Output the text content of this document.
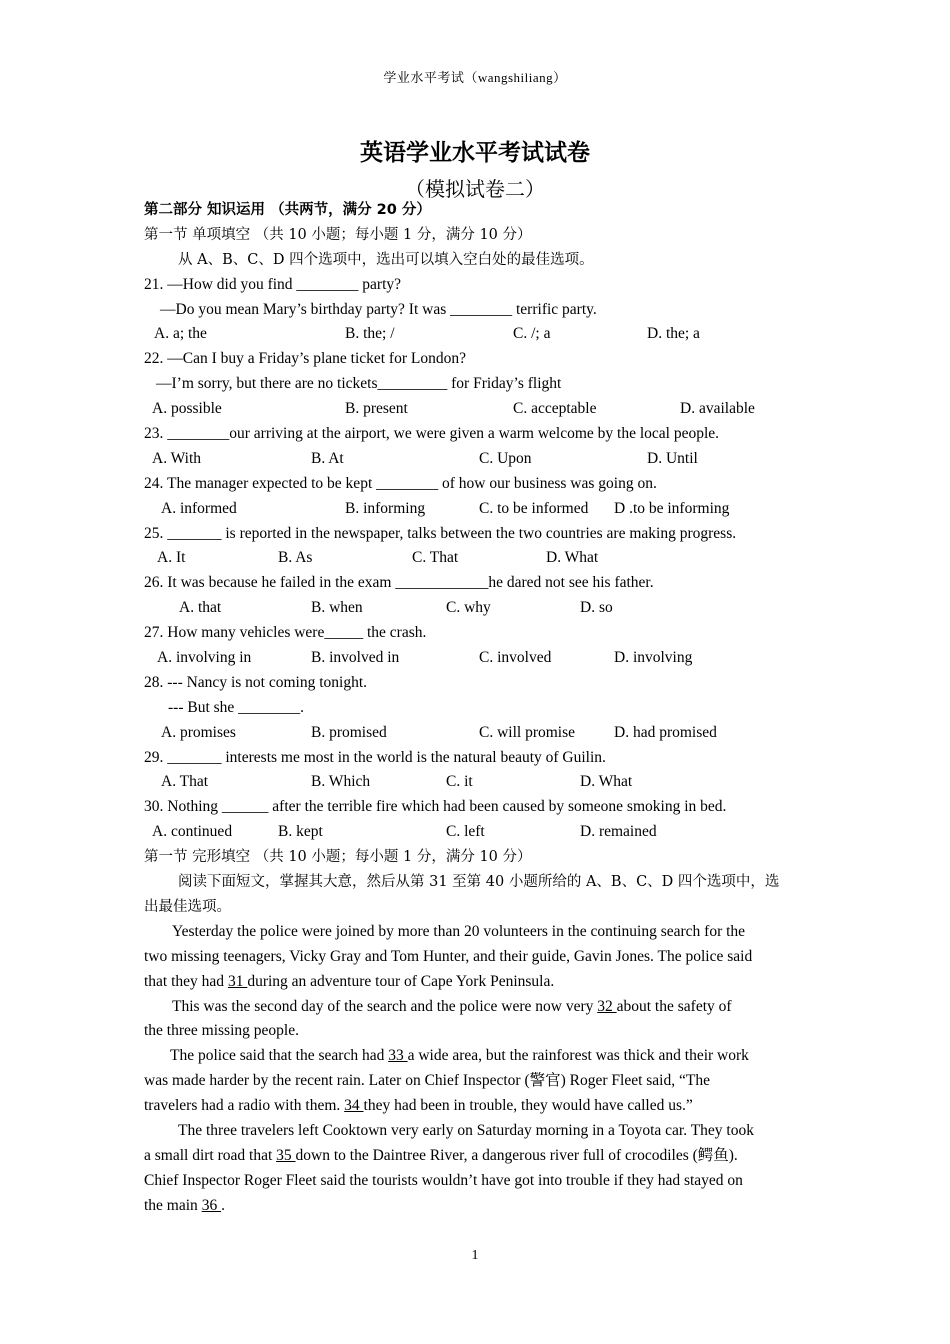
学业水平考试（wangshiliang）
英语学业水平考试试卷
（模拟试卷二）
第二部分 知识运用 （共两节，满分 20 分）
第一节 单项填空 （共 10 小题；每小题 1 分，满分 10 分）
从 A、B、C、D 四个选项中，选出可以填入空白处的最佳选项。
21. —How did you find ________ party?
—Do you mean Mary’s birthday party? It was ________ terrific party.
A. a; the	B. the; /	C. /; a	D. the; a
22. —Can I buy a Friday’s plane ticket for London?
—I’m sorry, but there are no tickets_________ for Friday’s flight
A. possible	B. present	C. acceptable	D. available
23. ________our arriving at the airport, we were given a warm welcome by the local people.
A. With	B. At	C. Upon	D. Until
24. The manager expected to be kept ________ of how our business was going on.
A. informed	B. informing	C. to be informed D .to be informing
25. _______ is reported in the newspaper, talks between the two countries are making progress.
A. It	B. As	C. That	D. What
26. It was because he failed in the exam ____________he dared not see his father.
A. that	B. when	C. why	D. so
27. How many vehicles were_____ the crash.
A. involving in	B. involved in	C. involved	D. involving
28. --- Nancy is not coming tonight.
--- But she ________.
A. promises	B. promised	C. will promise	D. had promised
29. _______ interests me most in the world is the natural beauty of Guilin.
A. That	B. Which	C. it	D. What
30. Nothing ______ after the terrible fire which had been caused by someone smoking in bed.
A. continued	B. kept	C. left	D. remained
第一节 完形填空 （共 10 小题；每小题 1 分，满分 10 分）
阅读下面短文，掌握其大意，然后从第 31 至第 40 小题所给的 A、B、C、D 四个选项中，选
出最佳选项。
Yesterday the police were joined by more than 20 volunteers in the continuing search for the
two missing teenagers, Vicky Gray and Tom Hunter, and their guide, Gavin Jones. The police said
that they had 31 during an adventure tour of Cape York Peninsula.
This was the second day of the search and the police were now very 32 about the safety of
the three missing people.
The police said that the search had 33 a wide area, but the rainforest was thick and their work
was made harder by the recent rain. Later on Chief Inspector (警官) Roger Fleet said, “The
travelers had a radio with them. 34 they had been in trouble, they would have called us.”
The three travelers left Cooktown very early on Saturday morning in a Toyota car. They took
a small dirt road that 35 down to the Daintree River, a dangerous river full of crocodiles (鳄鱼).
Chief Inspector Roger Fleet said the tourists wouldn’t have got into trouble if they had stayed on
the main 36 .
1
